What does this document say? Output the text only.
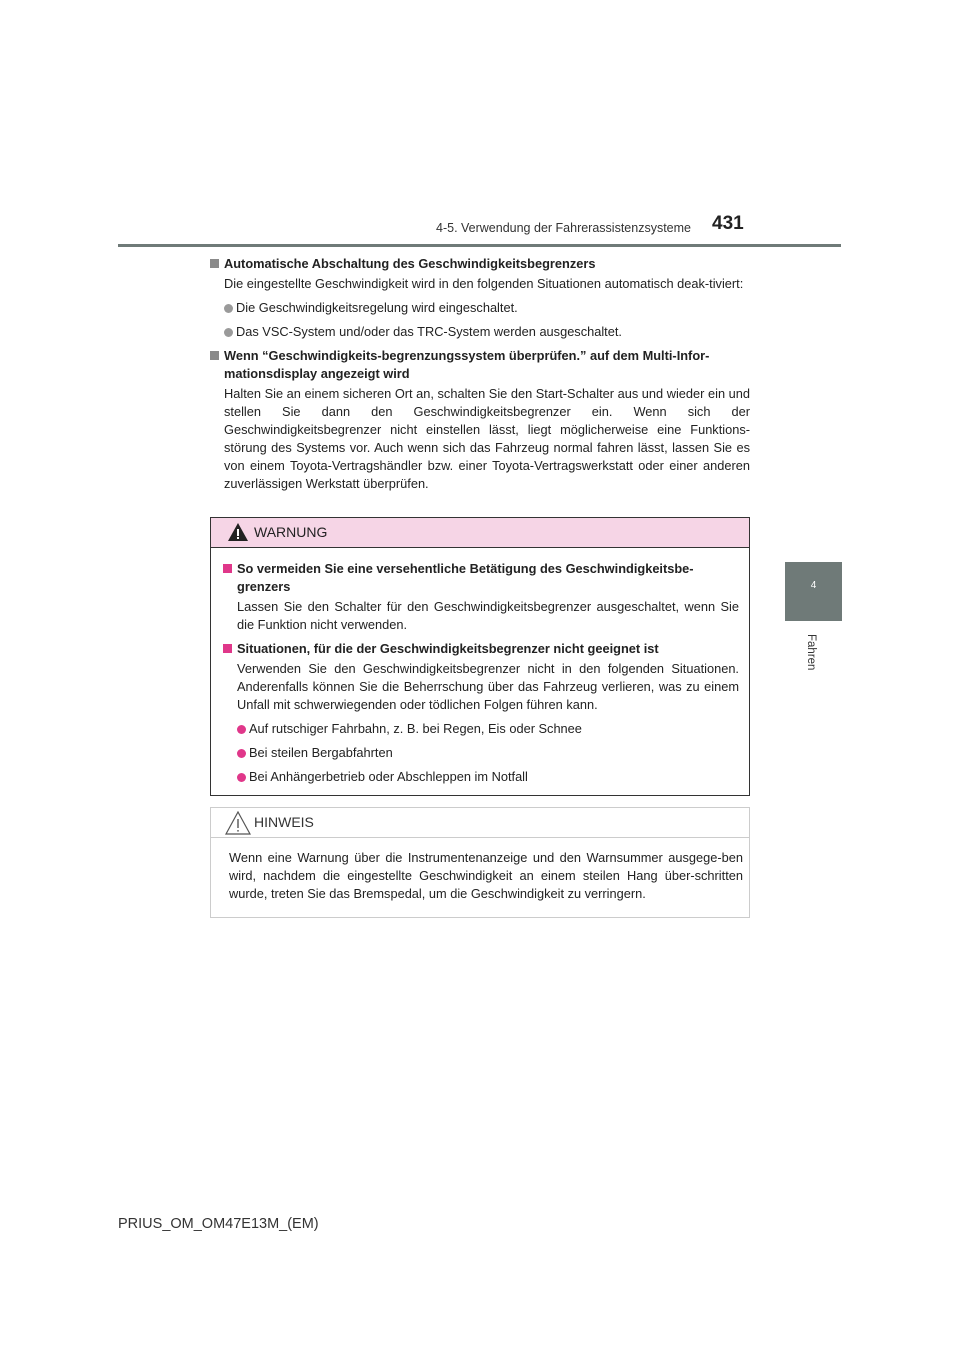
4-5. Verwendung der Fahrerassistenzsysteme 431
4
Fahren

Automatische Abschaltung des Geschwindigkeitsbegrenzers

Die eingestellte Geschwindigkeit wird in den folgenden Situationen automatisch deak-tiviert:

Die Geschwindigkeitsregelung wird eingeschaltet.
Das VSC-System und/oder das TRC-System werden ausgeschaltet.

Wenn “Geschwindigkeits-begrenzungssystem überprüfen.” auf dem Multi-Infor-mationsdisplay angezeigt wird

Halten Sie an einem sicheren Ort an, schalten Sie den Start-Schalter aus und wieder ein und stellen Sie dann den Geschwindigkeitsbegrenzer ein. Wenn sich der Geschwindigkeitsbegrenzer nicht einstellen lässt, liegt möglicherweise eine Funktions-störung des Systems vor. Auch wenn sich das Fahrzeug normal fahren lässt, lassen Sie es von einem Toyota-Vertragshändler bzw. einer Toyota-Vertragswerkstatt oder einer anderen zuverlässigen Werkstatt überprüfen.

WARNUNG

So vermeiden Sie eine versehentliche Betätigung des Geschwindigkeitsbe-grenzers

Lassen Sie den Schalter für den Geschwindigkeitsbegrenzer ausgeschaltet, wenn Sie die Funktion nicht verwenden.

Situationen, für die der Geschwindigkeitsbegrenzer nicht geeignet ist

Verwenden Sie den Geschwindigkeitsbegrenzer nicht in den folgenden Situationen. Anderenfalls können Sie die Beherrschung über das Fahrzeug verlieren, was zu einem Unfall mit schwerwiegenden oder tödlichen Folgen führen kann.

Auf rutschiger Fahrbahn, z. B. bei Regen, Eis oder Schnee
Bei steilen Bergabfahrten
Bei Anhängerbetrieb oder Abschleppen im Notfall
HINWEIS
Wenn eine Warnung über die Instrumentenanzeige und den Warnsummer ausgege-ben wird, nachdem die eingestellte Geschwindigkeit an einem steilen Hang über-schritten wurde, treten Sie das Bremspedal, um die Geschwindigkeit zu verringern.
PRIUS_OM_OM47E13M_(EM)
